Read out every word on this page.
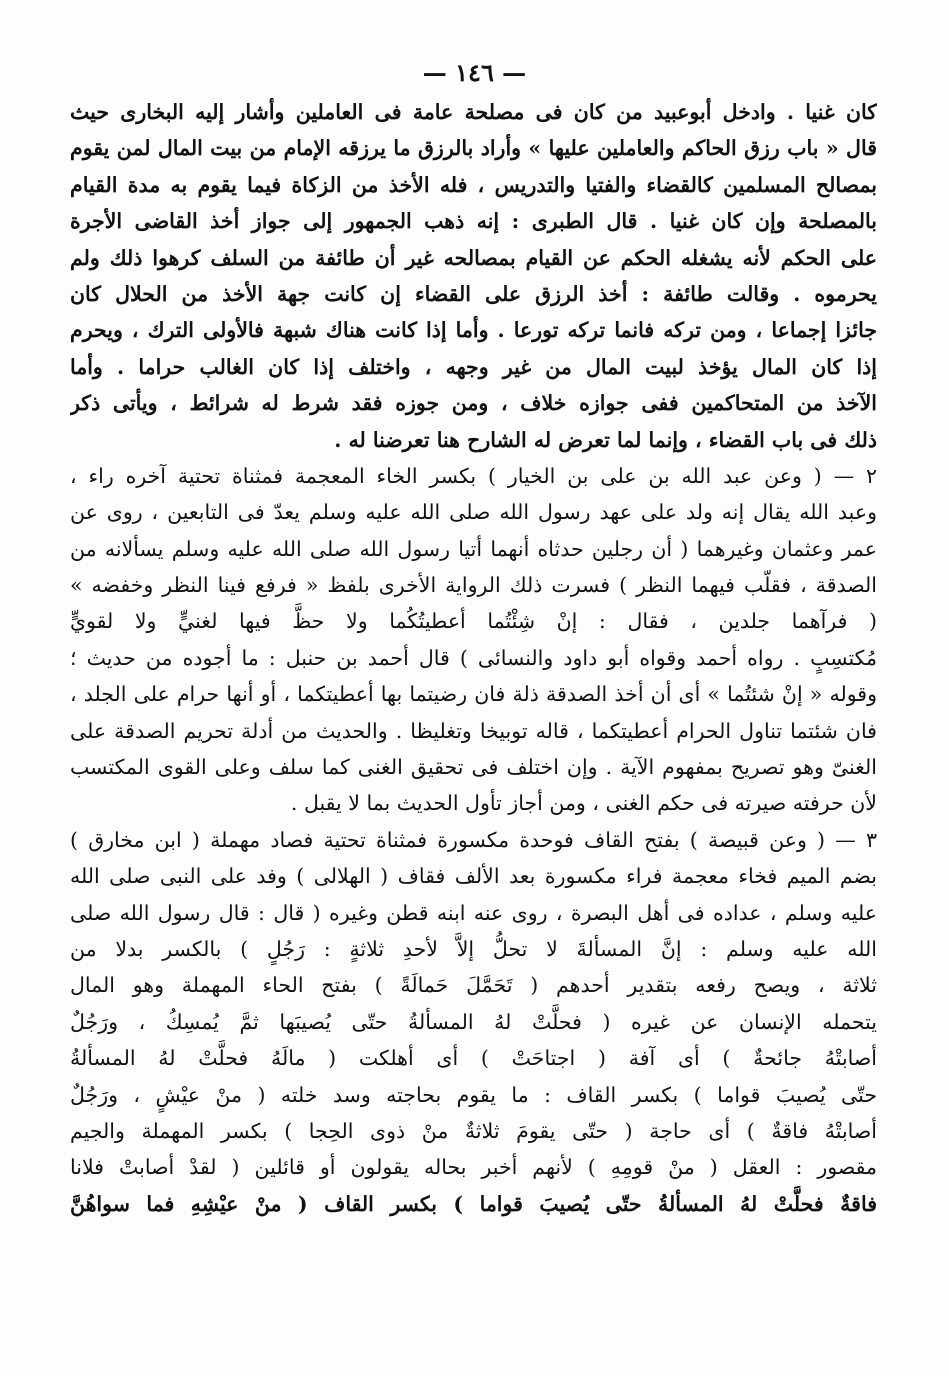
— ١٤٦ —
كان غنيا . وادخل أبوعبيد من كان فى مصلحة عامة فى العاملين وأشار إليه البخارى حيث
قال « باب رزق الحاكم والعاملين عليها » وأراد بالرزق ما يرزقه الإمام من بيت المال لمن يقوم
بمصالح المسلمين كالقضاء والفتيا والتدريس ، فله الأخذ من الزكاة فيما يقوم به مدة القيام
بالمصلحة وإن كان غنيا . قال الطبرى : إنه ذهب الجمهور إلى جواز أخذ القاضى الأجرة
على الحكم لأنه يشغله الحكم عن القيام بمصالحه غير أن طائفة من السلف كرهوا ذلك ولم
يحرموه . وقالت طائفة : أخذ الرزق على القضاء إن كانت جهة الأخذ من الحلال كان
جائزا إجماعا ، ومن تركه فانما تركه تورعا . وأما إذا كانت هناك شبهة فالأولى الترك ، ويحرم
إذا كان المال يؤخذ لبيت المال من غير وجهه ، واختلف إذا كان الغالب حراما . وأما
الآخذ من المتحاكمين ففى جوازه خلاف ، ومن جوزه فقد شرط له شرائط ، ويأتى ذكر
ذلك فى باب القضاء ، وإنما لما تعرض له الشارح هنا تعرضنا له .
٢ — ( وعن عبد الله بن على بن الخيار ) بكسر الخاء المعجمة فمثناة تحتية آخره راء ،
وعبد الله يقال إنه ولد على عهد رسول الله صلى الله عليه وسلم يعدّ فى التابعين ، روى عن
عمر وعثمان وغيرهما ( أن رجلين حدثاه أنهما أتيا رسول الله صلى الله عليه وسلم يسألانه من
الصدقة ، فقلّب فيهما النظر ) فسرت ذلك الرواية الأخرى بلفظ « فرفع فينا النظر وخفضه »
( فرآهما جلدين ، فقال : إنْ شِئْتُما أعطيتُكُما ولا حظَّ فيها لغنيٍّ ولا لقويٍّ
مُكتسِبٍ . رواه أحمد وقواه أبو داود والنسائى ) قال أحمد بن حنبل : ما أجوده من حديث ؛
وقوله « إنْ شئتُما » أى أن أخذ الصدقة ذلة فان رضيتما بها أعطيتكما ، أو أنها حرام على الجلد ،
فان شئتما تناول الحرام أعطيتكما ، قاله توبيخا وتغليظا . والحديث من أدلة تحريم الصدقة على
الغنىّ وهو تصريح بمفهوم الآية . وإن اختلف فى تحقيق الغنى كما سلف وعلى القوى المكتسب
لأن حرفته صيرته فى حكم الغنى ، ومن أجاز تأول الحديث بما لا يقبل .
٣ — ( وعن قبيصة ) بفتح القاف فوحدة مكسورة فمثناة تحتية فصاد مهملة ( ابن مخارق )
بضم الميم فخاء معجمة فراء مكسورة بعد الألف فقاف ( الهلالى ) وفد على النبى صلى الله
عليه وسلم ، عداده فى أهل البصرة ، روى عنه ابنه قطن وغيره ( قال : قال رسول الله صلى
الله عليه وسلم : إنَّ المسألةَ لا تحلُّ إلاَّ لأحدِ ثلاثةٍ : رَجُلٍ ) بالكسر بدلا من
ثلاثة ، ويصح رفعه بتقدير أحدهم ( تَحَمَّلَ حَمالَةً ) بفتح الحاء المهملة وهو المال
يتحمله الإنسان عن غيره ( فحلَّتْ لهُ المسألةُ حتّى يُصيبَها ثمَّ يُمسِكُ ، ورَجُلٌ
أصابتْهُ جائحةٌ ) أى آفة ( اجتاحَتْ ) أى أهلكت ( مالَهُ فحلَّتْ لهُ المسألةُ
حتّى يُصيبَ قواما ) بكسر القاف : ما يقوم بحاجته وسد خلته ( منْ عيْشٍ ، ورَجُلٌ
أصابتْهُ فاقةٌ ) أى حاجة ( حتّى يقومَ ثلاثةٌ منْ ذوى الحِجا ) بكسر المهملة والجيم
مقصور : العقل ( منْ قومِهِ ) لأنهم أخبر بحاله يقولون أو قائلين ( لقدْ أصابتْ فلانا
فاقةٌ فحلَّتْ لهُ المسألةُ حتّى يُصيبَ قواما ) بكسر القاف ( منْ عيْشِهِ فما سواهُنَّ
